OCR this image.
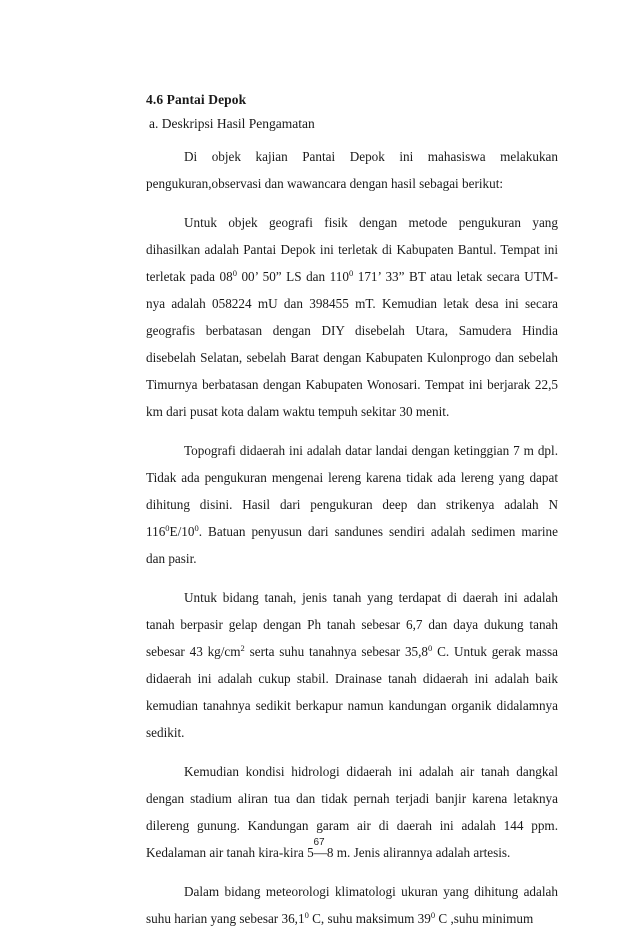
4.6 Pantai Depok
a. Deskripsi Hasil Pengamatan

Di objek kajian Pantai Depok ini mahasiswa melakukan pengukuran,observasi dan wawancara dengan hasil sebagai berikut:

Untuk objek geografi fisik dengan metode pengukuran yang dihasilkan adalah Pantai Depok ini terletak di Kabupaten Bantul. Tempat ini terletak pada $08^0$ 00’ 50” LS dan $110^0$ 171’ 33” BT atau letak secara UTM-nya adalah 058224 mU dan 398455 mT. Kemudian letak desa ini secara geografis berbatasan dengan DIY disebelah Utara, Samudera Hindia disebelah Selatan, sebelah Barat dengan Kabupaten Kulonprogo dan sebelah Timurnya berbatasan dengan Kabupaten Wonosari. Tempat ini berjarak 22,5 km dari pusat kota dalam waktu tempuh sekitar 30 menit.

Topografi didaerah ini adalah datar landai dengan ketinggian 7 m dpl. Tidak ada pengukuran mengenai lereng karena tidak ada lereng yang dapat dihitung disini. Hasil dari pengukuran deep dan strikenya adalah N $116^0E/10^0$. Batuan penyusun dari sandunes sendiri adalah sedimen marine dan pasir.

Untuk bidang tanah, jenis tanah yang terdapat di daerah ini adalah tanah berpasir gelap dengan Ph tanah sebesar 6,7 dan daya dukung tanah sebesar 43 $kg/cm^2$ serta suhu tanahnya sebesar 35,8$^0$ C. Untuk gerak massa didaerah ini adalah cukup stabil. Drainase tanah didaerah ini adalah baik kemudian tanahnya sedikit berkapur namun kandungan organik didalamnya sedikit.

Kemudian kondisi hidrologi didaerah ini adalah air tanah dangkal dengan stadium aliran tua dan tidak pernah terjadi banjir karena letaknya dilereng gunung. Kandungan garam air di daerah ini adalah 144 ppm. Kedalaman air tanah kira-kira 5—8 m. Jenis alirannya adalah artesis.

Dalam bidang meteorologi klimatologi ukuran yang dihitung adalah suhu harian yang sebesar 36,1$^0$ C, suhu maksimum $39^0$ C ,suhu minimum

67
